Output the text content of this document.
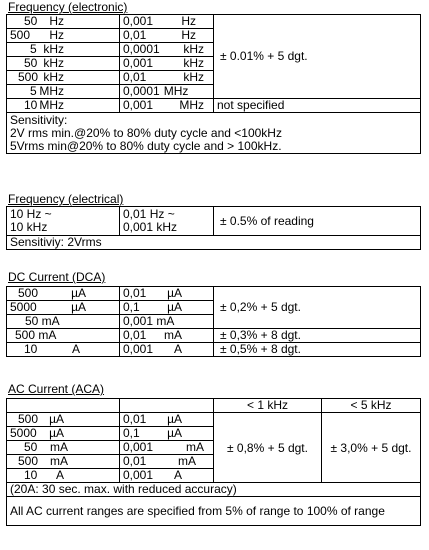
Frequency (electronic)
50 Hz	0,001 Hz	± 0.01% + 5 dgt.

500 Hz	0,01 Hz	

5 kHz	0,0001 kHz	

50 kHz	0,001 kHz	

500 kHz	0,01 kHz	

5 MHz	0,0001 MHz	

10 MHz	0,001 MHz	not specified

Sensitivity:
2V rms min.@20% to 80% duty cycle and <100kHz
5Vrms min@20% to 80% duty cycle and > 100kHz.		
Frequency (electrical)
10 Hz ~
10 kHz

0,01 Hz ~
0,001 kHz	± 0.5% of reading
Sensitiviy: 2Vrms
DC Current (DCA)
500 µA	0,01 µA	± 0,2% + 5 dgt.

5000 µA	0,1 µA	

50 mA	0,001 mA	
500 mA	0,01 mA	± 0,3% + 8 dgt.

10 A	0,001 A	± 0,5% + 8 dgt.
AC Current (ACA)
		< 1 kHz	< 5 kHz

500 µA	0,01 µA	± 0,8% + 5 dgt.	± 3,0% + 5 dgt.

5000 µA	0,1 µA		

50 mA	0,001 mA		

500 mA	0,01 mA		

10 A	0,001 A		

(20A: 30 sec. max. with reduced accuracy)			
All AC current ranges are specified from 5% of range to 100% of range			
